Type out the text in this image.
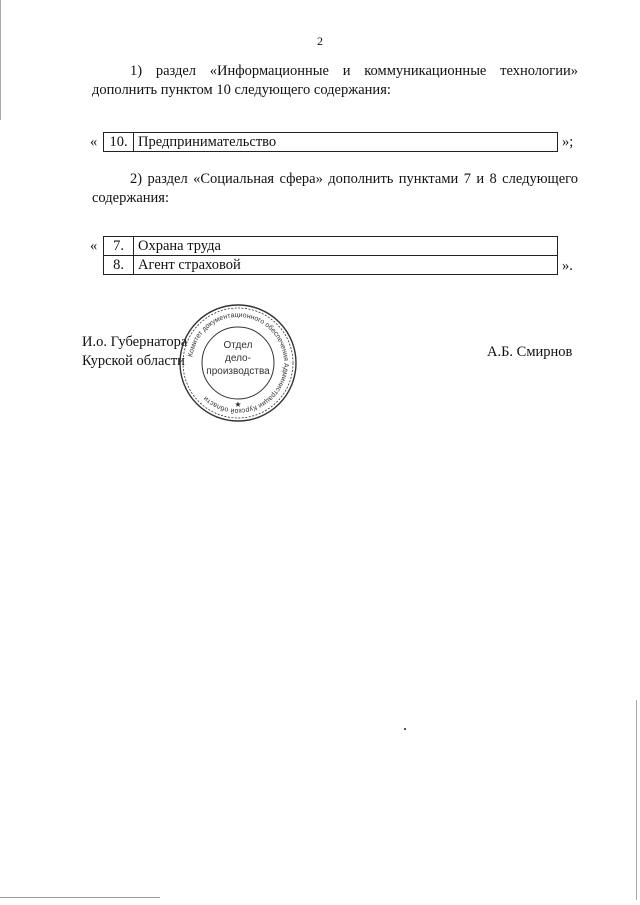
2
1) раздел «Информационные и коммуникационные технологии»
дополнить пунктом 10 следующего содержания:
« 10.	Предпринимательство	»;
2) раздел «Социальная сфера» дополнить пунктами 7 и 8 следующего
содержания:
« 7.	Охрана труда
8.	Агент страховой	».
И.о. Губернатора
Курской области
А.Б. Смирнов
Комитет документационного обеспечения Администрации Курской области
★
Отдел
дело-
производства
